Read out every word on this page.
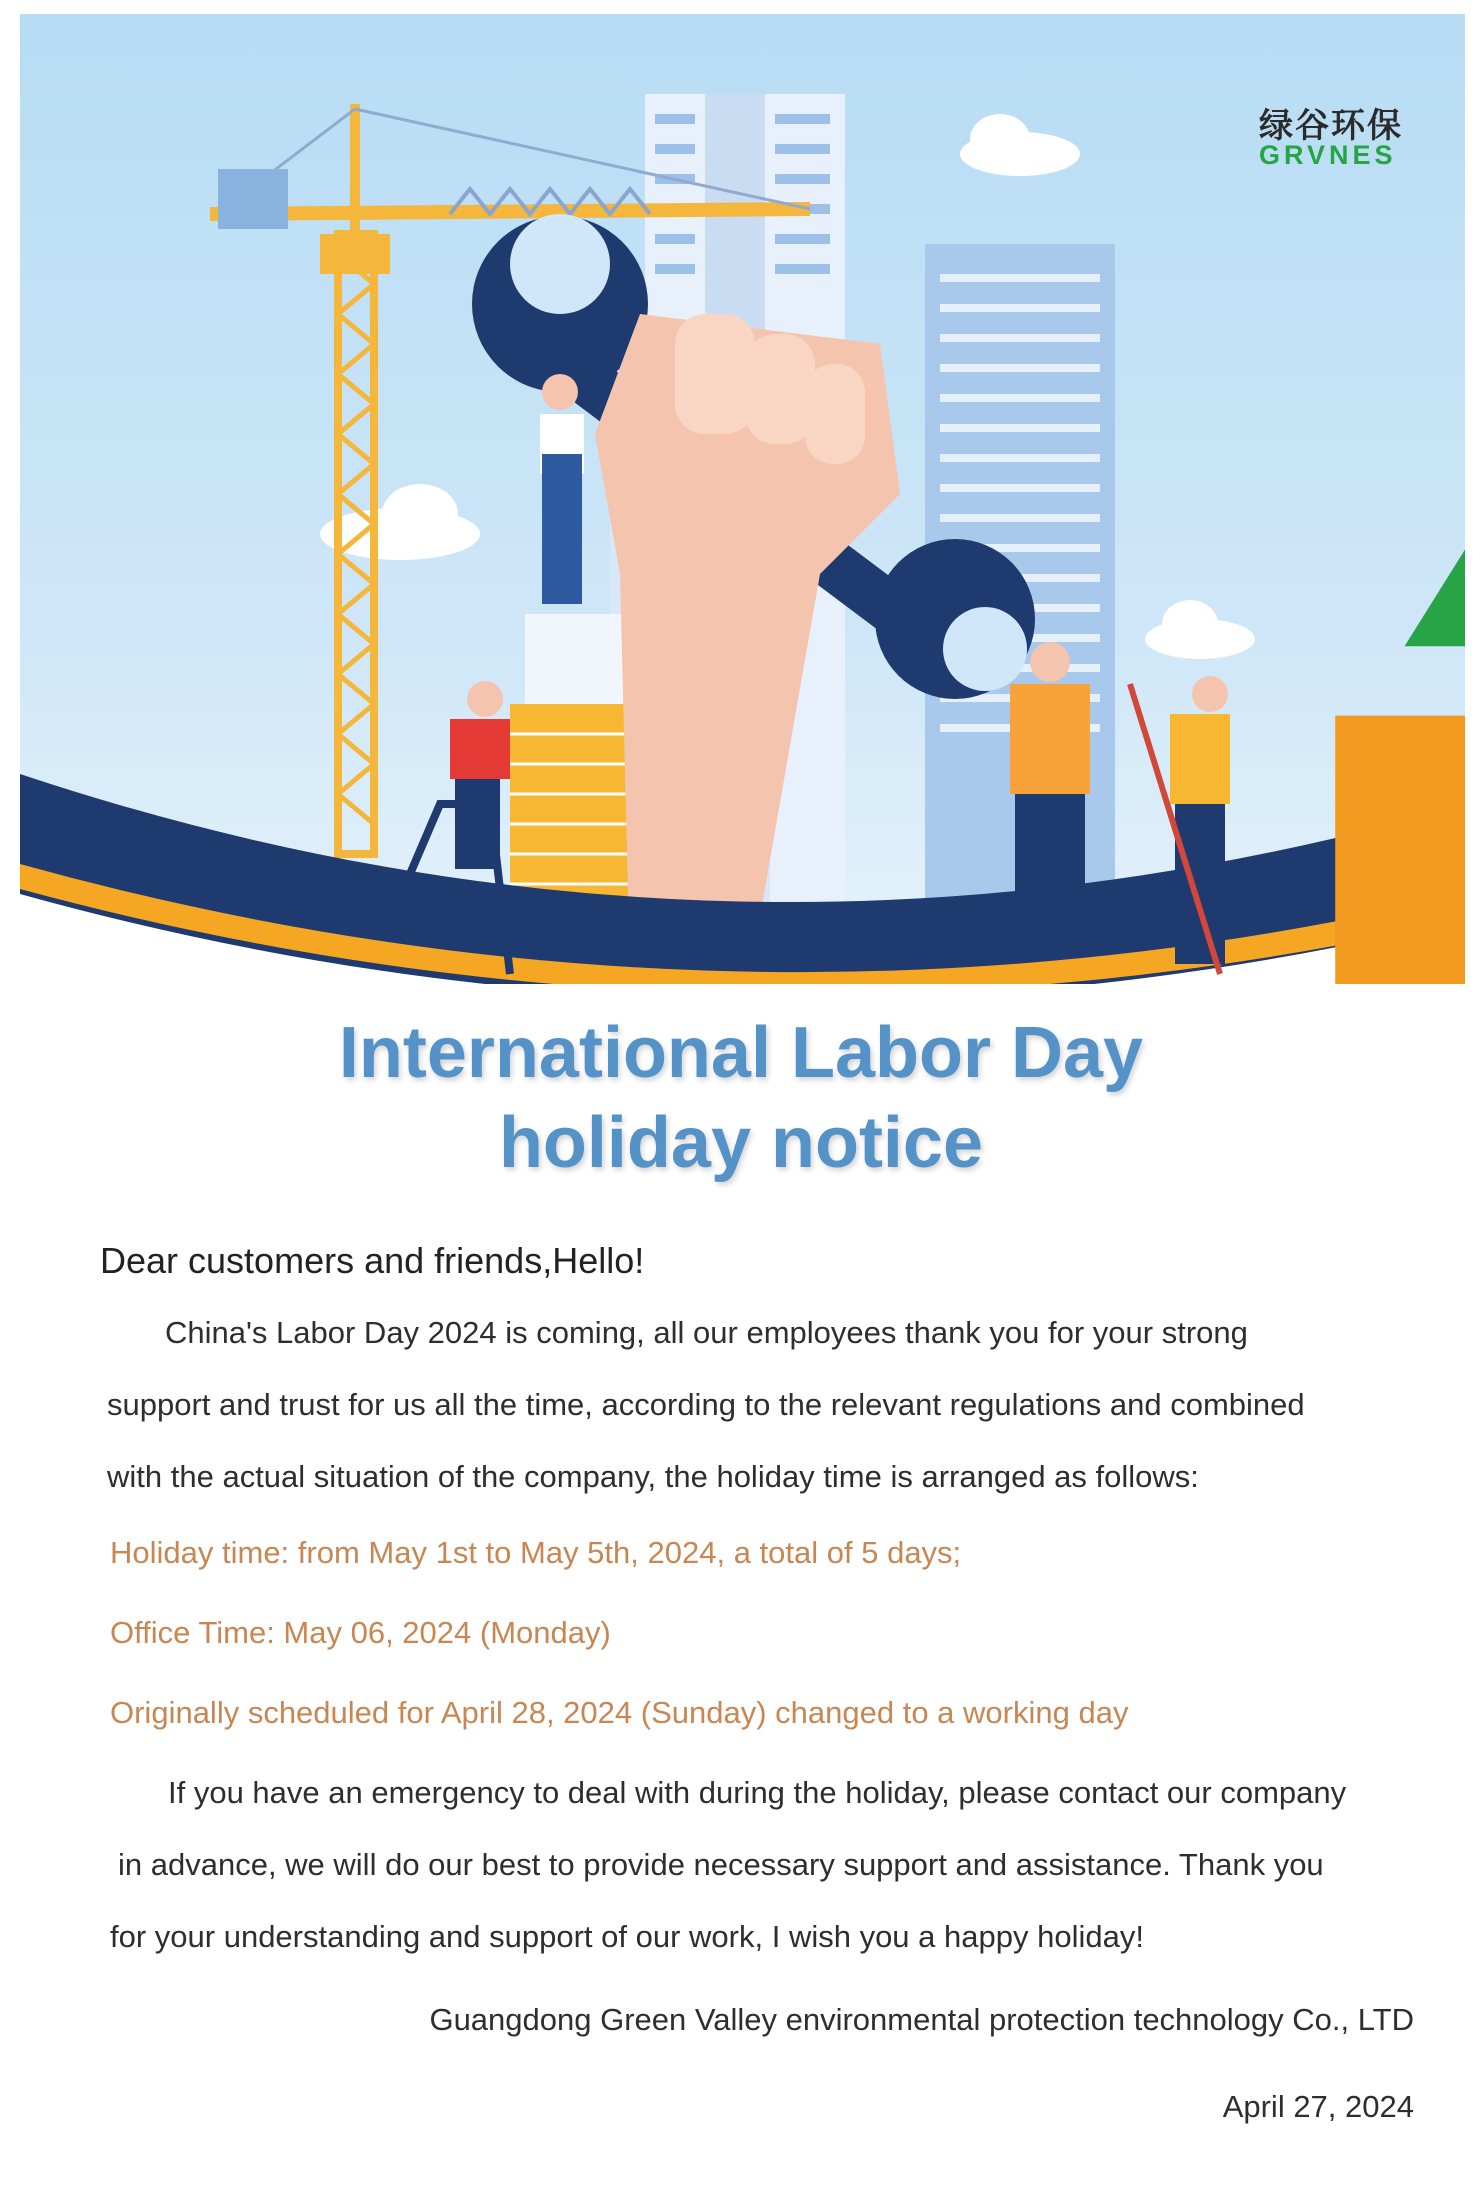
绿谷环保
GRVNES
International Labor Day
holiday notice
Dear customers and friends,Hello!
China's Labor Day 2024 is coming, all our employees thank you for your strong
support and trust for us all the time, according to the relevant regulations and combined
with the actual situation of the company, the holiday time is arranged as follows:
Holiday time: from May 1st to May 5th, 2024, a total of 5 days;
Office Time: May 06, 2024 (Monday)
Originally scheduled for April 28, 2024 (Sunday) changed to a working day
If you have an emergency to deal with during the holiday, please contact our company
in advance, we will do our best to provide necessary support and assistance. Thank you
for your understanding and support of our work, I wish you a happy holiday!
Guangdong Green Valley environmental protection technology Co., LTD
April 27, 2024
